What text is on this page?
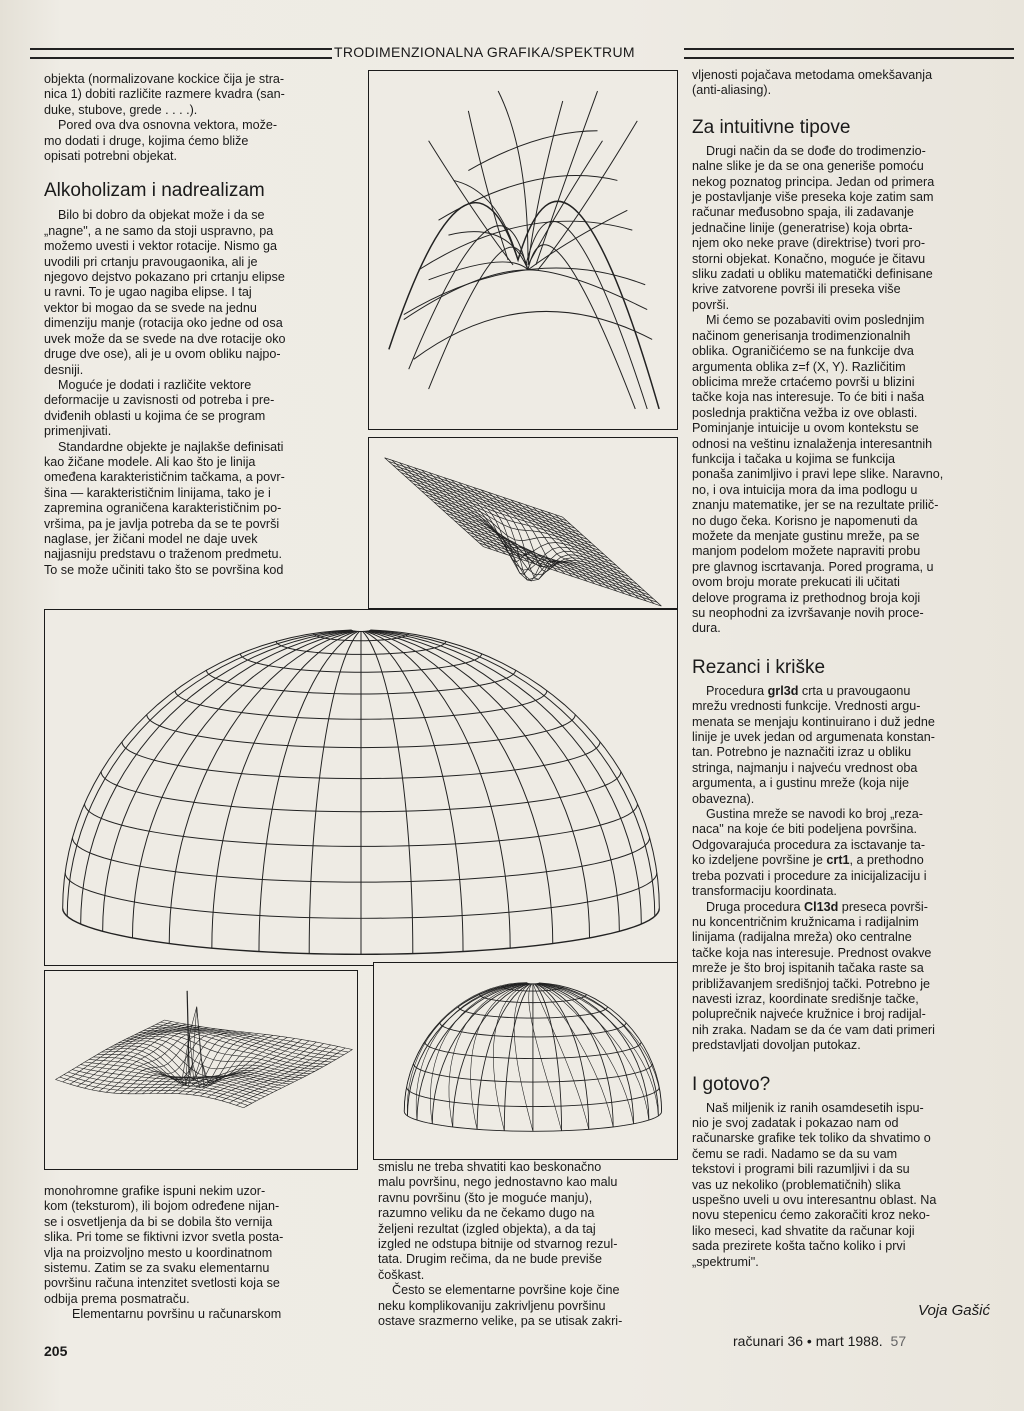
TRODIMENZIONALNA GRAFIKA/SPEKTRUM

objekta (normalizovane kockice čija je stra-

nica 1) dobiti različite razmere kvadra (san-

duke, stubove, grede . . . .).

Pored ova dva osnovna vektora, može-

mo dodati i druge, kojima ćemo bliže

opisati potrebni objekat.

Alkoholizam i nadrealizam

Bilo bi dobro da objekat može i da se

„nagne", a ne samo da stoji uspravno, pa

možemo uvesti i vektor rotacije. Nismo ga

uvodili pri crtanju pravougaonika, ali je

njegovo dejstvo pokazano pri crtanju elipse

u ravni. To je ugao nagiba elipse. I taj

vektor bi mogao da se svede na jednu

dimenziju manje (rotacija oko jedne od osa

uvek može da se svede na dve rotacije oko

druge dve ose), ali je u ovom obliku najpo-

desniji.

Moguće je dodati i različite vektore

deformacije u zavisnosti od potreba i pre-

dviđenih oblasti u kojima će se program

primenjivati.

Standardne objekte je najlakše definisati

kao žičane modele. Ali kao što je linija

omeđena karakterističnim tačkama, a povr-

šina — karakterističnim linijama, tako je i

zapremina ograničena karakterističnim po-

vršima, pa je javlja potreba da se te površi

naglase, jer žičani model ne daje uvek

najjasniju predstavu o traženom predmetu.

To se može učiniti tako što se površina kod

monohromne grafike ispuni nekim uzor-

kom (teksturom), ili bojom određene nijan-

se i osvetljenja da bi se dobila što vernija

slika. Pri tome se fiktivni izvor svetla posta-

vlja na proizvoljno mesto u koordinatnom

sistemu. Zatim se za svaku elementarnu

površinu računa intenzitet svetlosti koja se

odbija prema posmatraču.

Elementarnu površinu u računarskom

smislu ne treba shvatiti kao beskonačno

malu površinu, nego jednostavno kao malu

ravnu površinu (što je moguće manju),

razumno veliku da ne čekamo dugo na

željeni rezultat (izgled objekta), a da taj

izgled ne odstupa bitnije od stvarnog rezul-

tata. Drugim rečima, da ne bude previše

čoškast.

Često se elementarne površine koje čine

neku komplikovaniju zakrivljenu površinu

ostave srazmerno velike, pa se utisak zakri-

vljenosti pojačava metodama omekšavanja

(anti-aliasing).

Za intuitivne tipove

Drugi način da se dođe do trodimenzio-

nalne slike je da se ona generiše pomoću

nekog poznatog principa. Jedan od primera

je postavljanje više preseka koje zatim sam

računar međusobno spaja, ili zadavanje

jednačine linije (generatrise) koja obrta-

njem oko neke prave (direktrise) tvori pro-

storni objekat. Konačno, moguće je čitavu

sliku zadati u obliku matematički definisane

krive zatvorene površi ili preseka više

površi.

Mi ćemo se pozabaviti ovim poslednjim

načinom generisanja trodimenzionalnih

oblika. Ograničićemo se na funkcije dva

argumenta oblika z=f (X, Y). Različitim

oblicima mreže crtaćemo površi u blizini

tačke koja nas interesuje. To će biti i naša

poslednja praktična vežba iz ove oblasti.

Pominjanje intuicije u ovom kontekstu se

odnosi na veštinu iznalaženja interesantnih

funkcija i tačaka u kojima se funkcija

ponaša zanimljivo i pravi lepe slike. Naravno,

no, i ova intuicija mora da ima podlogu u

znanju matematike, jer se na rezultate prilič-

no dugo čeka. Korisno je napomenuti da

možete da menjate gustinu mreže, pa se

manjom podelom možete napraviti probu

pre glavnog iscrtavanja. Pored programa, u

ovom broju morate prekucati ili učitati

delove programa iz prethodnog broja koji

su neophodni za izvršavanje novih proce-

dura.

Rezanci i kriške

Procedura grl3d crta u pravougaonu

mrežu vrednosti funkcije. Vrednosti argu-

menata se menjaju kontinuirano i duž jedne

linije je uvek jedan od argumenata konstan-

tan. Potrebno je naznačiti izraz u obliku

stringa, najmanju i najveću vrednost oba

argumenta, a i gustinu mreže (koja nije

obavezna).

Gustina mreže se navodi ko broj „reza-

naca" na koje će biti podeljena površina.

Odgovarajuća procedura za isctavanje ta-

ko izdeljene površine je crt1, a prethodno

treba pozvati i procedure za inicijalizaciju i

transformaciju koordinata.

Druga procedura Cl13d preseca površi-

nu koncentričnim kružnicama i radijalnim

linijama (radijalna mreža) oko centralne

tačke koja nas interesuje. Prednost ovakve

mreže je što broj ispitanih tačaka raste sa

približavanjem središnjoj tački. Potrebno je

navesti izraz, koordinate središnje tačke,

poluprečnik najveće kružnice i broj radijal-

nih zraka. Nadam se da će vam dati primeri

predstavljati dovoljan putokaz.

I gotovo?

Naš miljenik iz ranih osamdesetih ispu-

nio je svoj zadatak i pokazao nam od

računarske grafike tek toliko da shvatimo o

čemu se radi. Nadamo se da su vam

tekstovi i programi bili razumljivi i da su

vas uz nekoliko (problematičnih) slika

uspešno uveli u ovu interesantnu oblast. Na

novu stepenicu ćemo zakoračiti kroz neko-

liko meseci, kad shvatite da računar koji

sada prezirete košta tačno koliko i prvi

„spektrumi".

Voja Gašić
205
računari 36 • mart 1988. 57
